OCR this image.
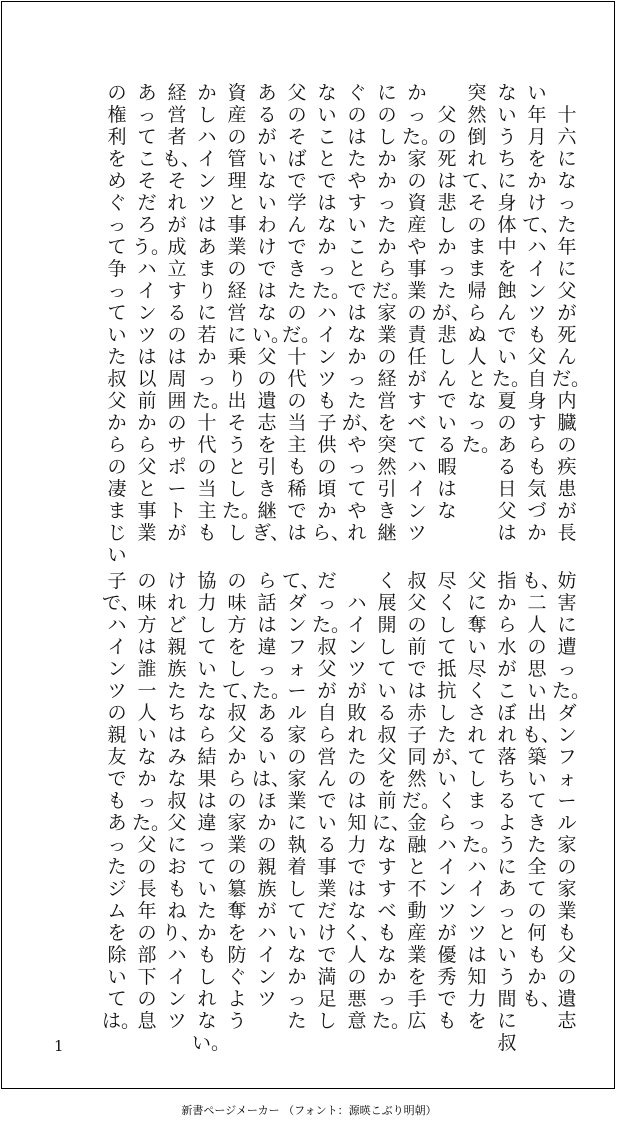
　十六になった年に父が死んだ。内臓の疾患が長
い年月をかけて、ハインツも父自身すらも気づか
ないうちに身体中を蝕んでいた。夏のある日父は
突然倒れて、そのまま帰らぬ人となった。
　父の死は悲しかったが、悲しんでいる暇はな
かった。家の資産や事業の責任がすべてハインツ
にのしかかったからだ。家業の経営を突然引き継
ぐのはたやすいことではなかったが、やってやれ
ないことではなかった。ハインツも子供の頃から、
父のそばで学んできたのだ。十代の当主も稀では
あるがいないわけではない。父の遺志を引き継ぎ、
資産の管理と事業の経営に乗り出そうとした。し
かしハインツはあまりに若かった。十代の当主も
経営者も、それが成立するのは周囲のサポートが
あってこそだろう。ハインツは以前から父と事業
の権利をめぐって争っていた叔父からの凄まじい
妨害に遭った。ダンフォール家の家業も父の遺志
も、二人の思い出も、築いてきた全ての何もかも、
指から水がこぼれ落ちるようにあっという間に叔
父に奪い尽くされてしまった。ハインツは知力を
尽くして抵抗したが、いくらハインツが優秀でも
叔父の前では赤子同然だ。金融と不動産業を手広
く展開している叔父を前に、なすすべもなかった。
　ハインツが敗れたのは知力ではなく、人の悪意
だった。叔父が自ら営んでいる事業だけで満足し
て、ダンフォール家の家業に執着していなかった
ら話は違った。あるいは、ほかの親族がハインツ
の味方をして、叔父からの家業の簒奪を防ぐよう
協力していたなら結果は違っていたかもしれない。
けれど親族たちはみな叔父におもねり、ハインツ
の味方は誰一人いなかった。父の長年の部下の息
子で、ハインツの親友でもあったジムを除いては。
1
新書ページメーカー （フォント：源暎こぶり明朝）
